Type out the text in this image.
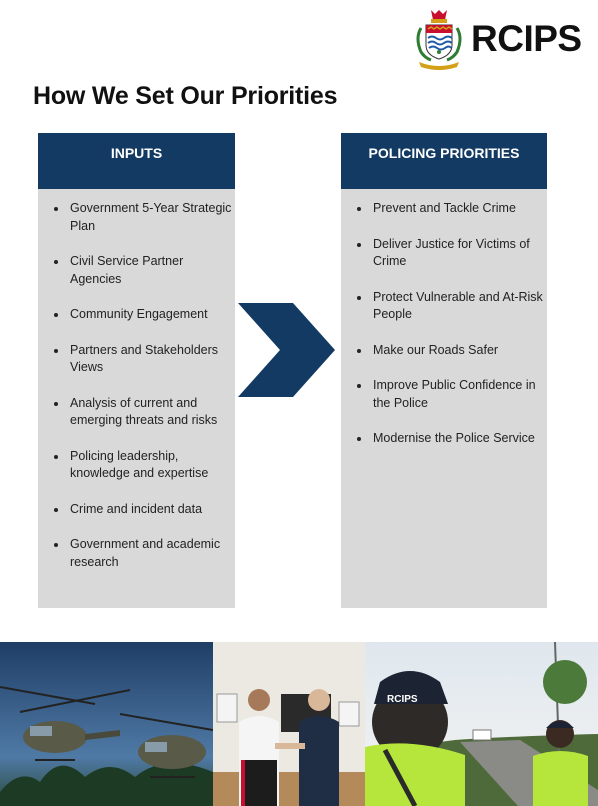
RCIPS
How We Set Our Priorities
INPUTS
• Government 5-Year Strategic Plan
• Civil Service Partner Agencies
• Community Engagement
• Partners and Stakeholders Views
• Analysis of current and emerging threats and risks
• Policing leadership, knowledge and expertise
• Crime and incident data
• Government and academic research
POLICING PRIORITIES
• Prevent and Tackle Crime
• Deliver Justice for Victims of Crime
• Protect Vulnerable and At-Risk People
• Make our Roads Safer
• Improve Public Confidence in the Police
• Modernise the Police Service
RCIPS
